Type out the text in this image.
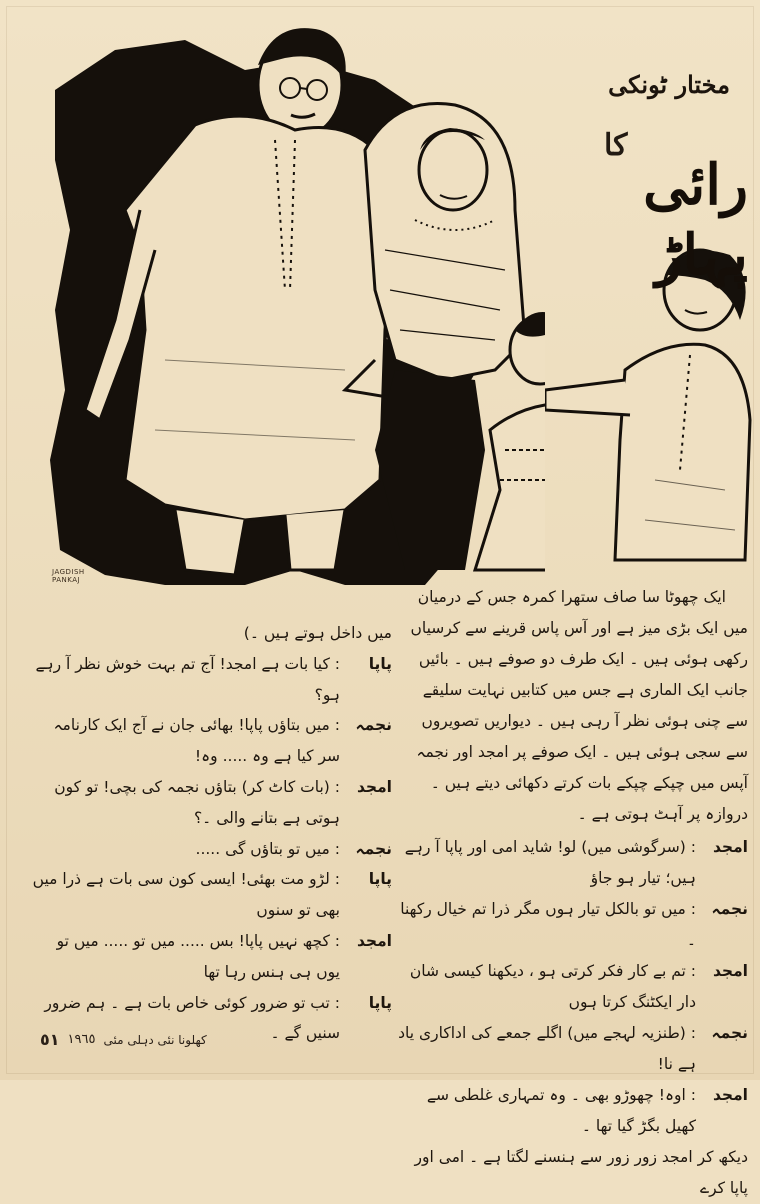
JAGDISH PANKAJ
مختار ٹونکی
کا
رائی پہاڑ

ایک چھوٹا سا صاف ستھرا کمرہ جس کے درمیان میں ایک بڑی میز ہے اور آس پاس قرینے سے کرسیاں رکھی ہوئی ہیں ۔ ایک طرف دو صوفے ہیں ۔ بائیں جانب ایک الماری ہے جس میں کتابیں نہایت سلیقے سے چنی ہوئی نظر آ رہی ہیں ۔ دیواریں تصویروں سے سجی ہوئی ہیں ۔ ایک صوفے پر امجد اور نجمہ آپس میں چپکے چپکے بات کرتے دکھائی دیتے ہیں ۔ دروازہ پر آہٹ ہوتی ہے ۔

امجد
: (سرگوشی میں) لو! شاید امی اور پاپا آ رہے ہیں؛ تیار ہو جاؤ
نجمہ
: میں تو بالکل تیار ہوں مگر ذرا تم خیال رکھنا ۔
امجد
: تم بے کار فکر کرتی ہو ، دیکھنا کیسی شان دار ایکٹنگ کرتا ہوں
نجمہ
: (طنزیہ لہجے میں) اگلے جمعے کی اداکاری یاد ہے نا!
امجد
: اوہ! چھوڑو بھی ۔ وہ تمہاری غلطی سے کھیل بگڑ گیا تھا ۔

دیکھ کر امجد زور زور سے ہنسنے لگتا ہے ۔ امی اور پاپا کرے

میں داخل ہوتے ہیں ۔)

پاپا
: کیا بات ہے امجد! آج تم بہت خوش نظر آ رہے ہو؟
نجمہ
: میں بتاؤں پاپا! بھائی جان نے آج ایک کارنامہ سر کیا ہے وہ ..... وہ!
امجد
: (بات کاٹ کر) بتاؤں نجمہ کی بچی! تو کون ہوتی ہے بتانے والی ۔؟
نجمہ
: میں تو بتاؤں گی .....
پاپا
: لڑو مت بھئی! ایسی کون سی بات ہے ذرا میں بھی تو سنوں
امجد
: کچھ نہیں پاپا! بس ..... میں تو ..... میں تو یوں ہی ہنس رہا تھا
پاپا
: تب تو ضرور کوئی خاص بات ہے ۔ ہم ضرور سنیں گے ۔
٥١ ١٩٦٥ کھلونا نئی دہلی مئی
